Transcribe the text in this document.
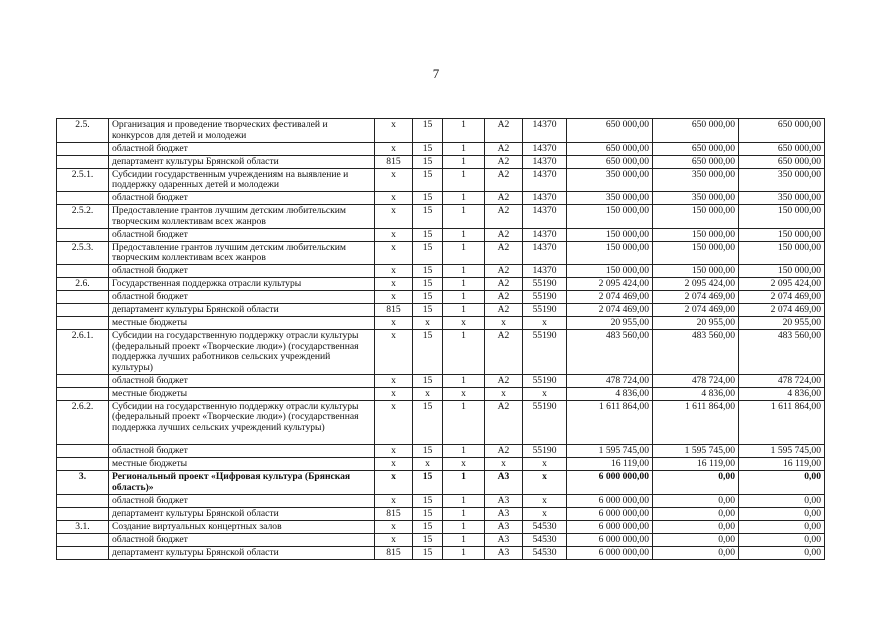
7
2.5.	Организация и проведение творческих фестивалей и конкурсов для детей и молодежи	x	15	1	А2	14370	650 000,00	650 000,00	650 000,00
	областной бюджет	x	15	1	А2	14370	650 000,00	650 000,00	650 000,00
	департамент культуры Брянской области	815	15	1	А2	14370	650 000,00	650 000,00	650 000,00
2.5.1.	Субсидии государственным учреждениям на выявление и поддержку одаренных детей и молодежи	x	15	1	А2	14370	350 000,00	350 000,00	350 000,00
	областной бюджет	x	15	1	А2	14370	350 000,00	350 000,00	350 000,00
2.5.2.	Предоставление грантов лучшим детским любительским творческим коллективам всех жанров	x	15	1	А2	14370	150 000,00	150 000,00	150 000,00
	областной бюджет	x	15	1	А2	14370	150 000,00	150 000,00	150 000,00
2.5.3.	Предоставление грантов лучшим детским любительским творческим коллективам всех жанров	x	15	1	А2	14370	150 000,00	150 000,00	150 000,00
	областной бюджет	x	15	1	А2	14370	150 000,00	150 000,00	150 000,00
2.6.	Государственная поддержка отрасли культуры	x	15	1	А2	55190	2 095 424,00	2 095 424,00	2 095 424,00
	областной бюджет	x	15	1	А2	55190	2 074 469,00	2 074 469,00	2 074 469,00
	департамент культуры Брянской области	815	15	1	А2	55190	2 074 469,00	2 074 469,00	2 074 469,00
	местные бюджеты	x	x	x	x	x	20 955,00	20 955,00	20 955,00
2.6.1.	Субсидии на государственную поддержку отрасли культуры (федеральный проект «Творческие люди») (государственная поддержка лучших работников сельских учреждений культуры)	x	15	1	А2	55190	483 560,00	483 560,00	483 560,00
	областной бюджет	x	15	1	А2	55190	478 724,00	478 724,00	478 724,00
	местные бюджеты	x	x	x	x	x	4 836,00	4 836,00	4 836,00
2.6.2.	Субсидии на государственную поддержку отрасли культуры (федеральный проект «Творческие люди») (государственная поддержка лучших сельских учреждений культуры)	x	15	1	А2	55190	1 611 864,00	1 611 864,00	1 611 864,00
	областной бюджет	x	15	1	А2	55190	1 595 745,00	1 595 745,00	1 595 745,00
	местные бюджеты	x	x	x	x	x	16 119,00	16 119,00	16 119,00
3.	Региональный проект «Цифровая культура (Брянская область)»	x	15	1	А3	x	6 000 000,00	0,00	0,00
	областной бюджет	x	15	1	А3	x	6 000 000,00	0,00	0,00
	департамент культуры Брянской области	815	15	1	А3	x	6 000 000,00	0,00	0,00
3.1.	Создание виртуальных концертных залов	x	15	1	А3	54530	6 000 000,00	0,00	0,00
	областной бюджет	x	15	1	А3	54530	6 000 000,00	0,00	0,00
	департамент культуры Брянской области	815	15	1	А3	54530	6 000 000,00	0,00	0,00
